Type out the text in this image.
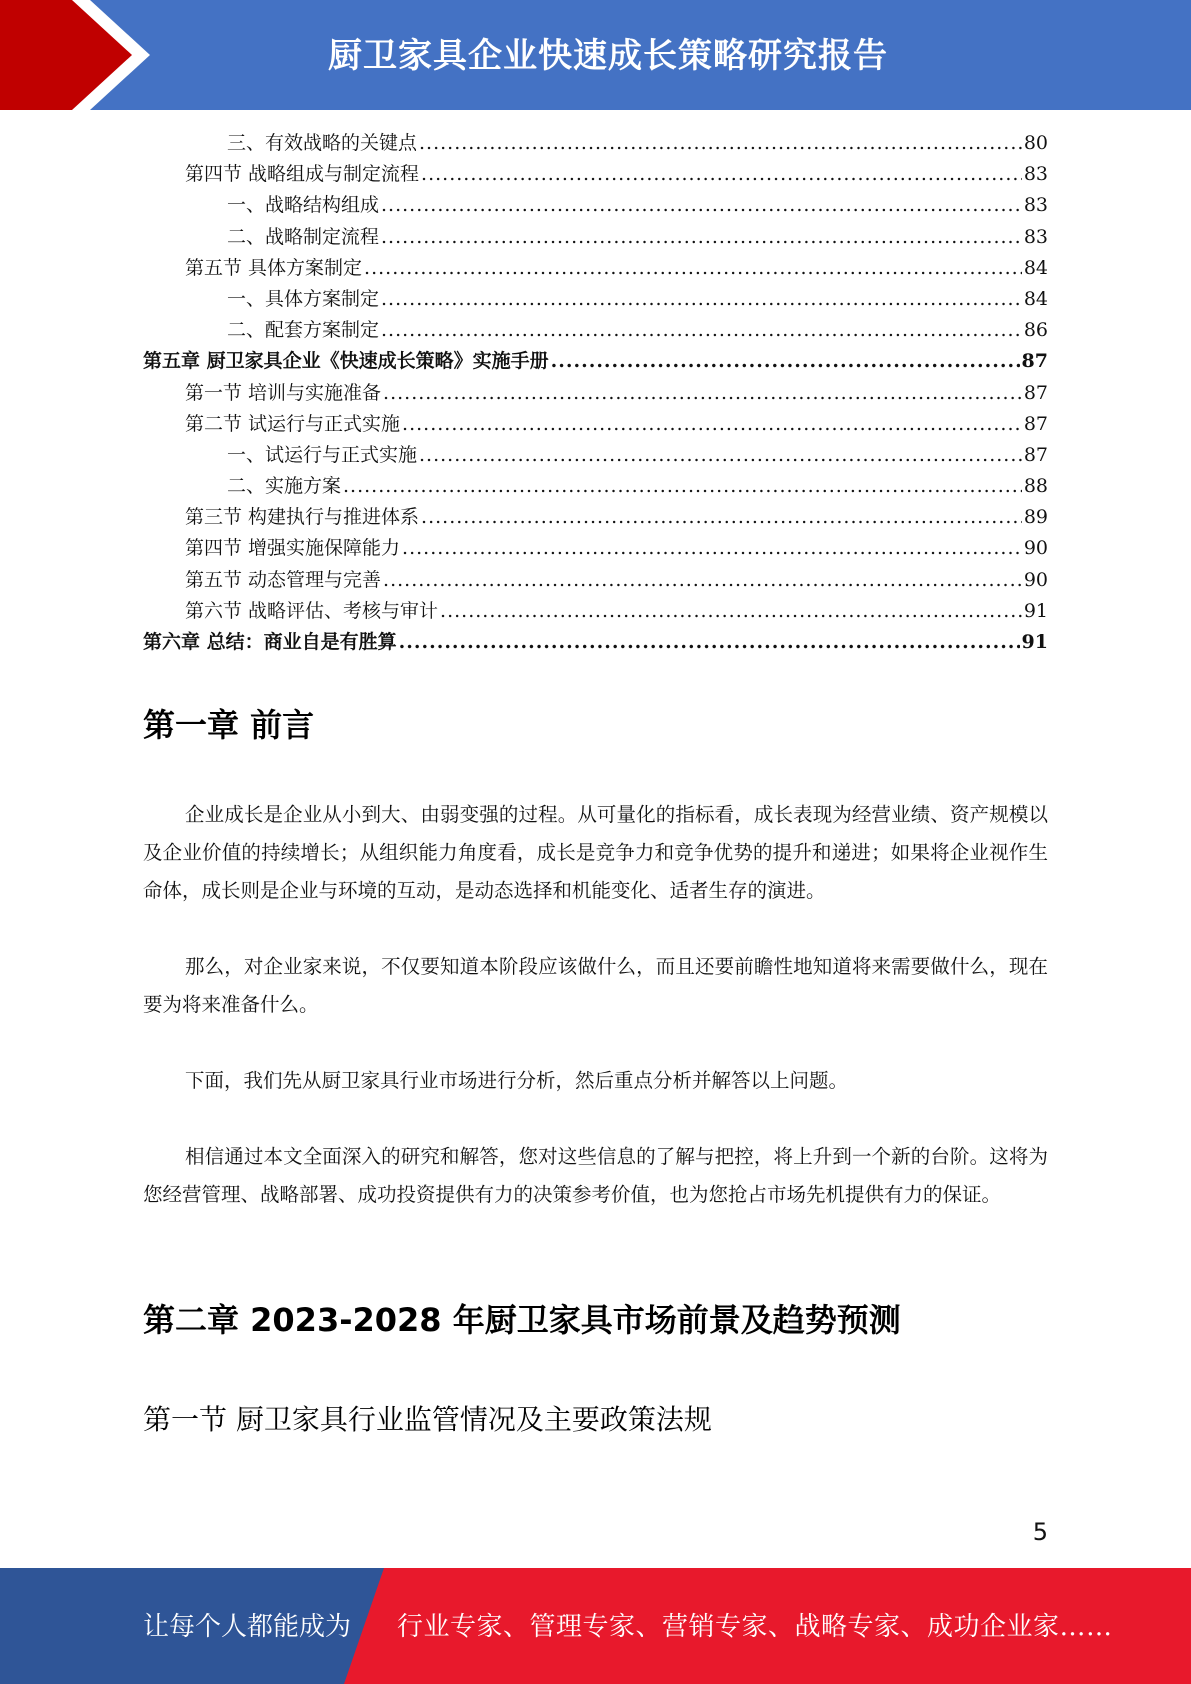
厨卫家具企业快速成长策略研究报告
三、有效战略的关键点 .....	80
第四节 战略组成与制定流程 .....	83
一、战略结构组成 .....	83
二、战略制定流程 .....	83
第五节 具体方案制定 .....	84
一、具体方案制定 .....	84
二、配套方案制定 .....	86
第五章 厨卫家具企业《快速成长策略》实施手册 .....	87
第一节 培训与实施准备 .....	87
第二节 试运行与正式实施 .....	87
一、试运行与正式实施 .....	87
二、实施方案 .....	88
第三节 构建执行与推进体系 .....	89
第四节 增强实施保障能力 .....	90
第五节 动态管理与完善 .....	90
第六节 战略评估、考核与审计 .....	91
第六章 总结：商业自是有胜算 .....	91
第一章 前言
企业成长是企业从小到大、由弱变强的过程。从可量化的指标看，成长表现为经营业绩、资产规模以及企业价值的持续增长；从组织能力角度看，成长是竞争力和竞争优势的提升和递进；如果将企业视作生命体，成长则是企业与环境的互动，是动态选择和机能变化、适者生存的演进。
那么，对企业家来说，不仅要知道本阶段应该做什么，而且还要前瞻性地知道将来需要做什么，现在要为将来准备什么。
下面，我们先从厨卫家具行业市场进行分析，然后重点分析并解答以上问题。
相信通过本文全面深入的研究和解答，您对这些信息的了解与把控，将上升到一个新的台阶。这将为您经营管理、战略部署、成功投资提供有力的决策参考价值，也为您抢占市场先机提供有力的保证。
第二章 2023-2028 年厨卫家具市场前景及趋势预测
第一节 厨卫家具行业监管情况及主要政策法规
5
让每个人都能成为 行业专家、管理专家、营销专家、战略专家、成功企业家……
